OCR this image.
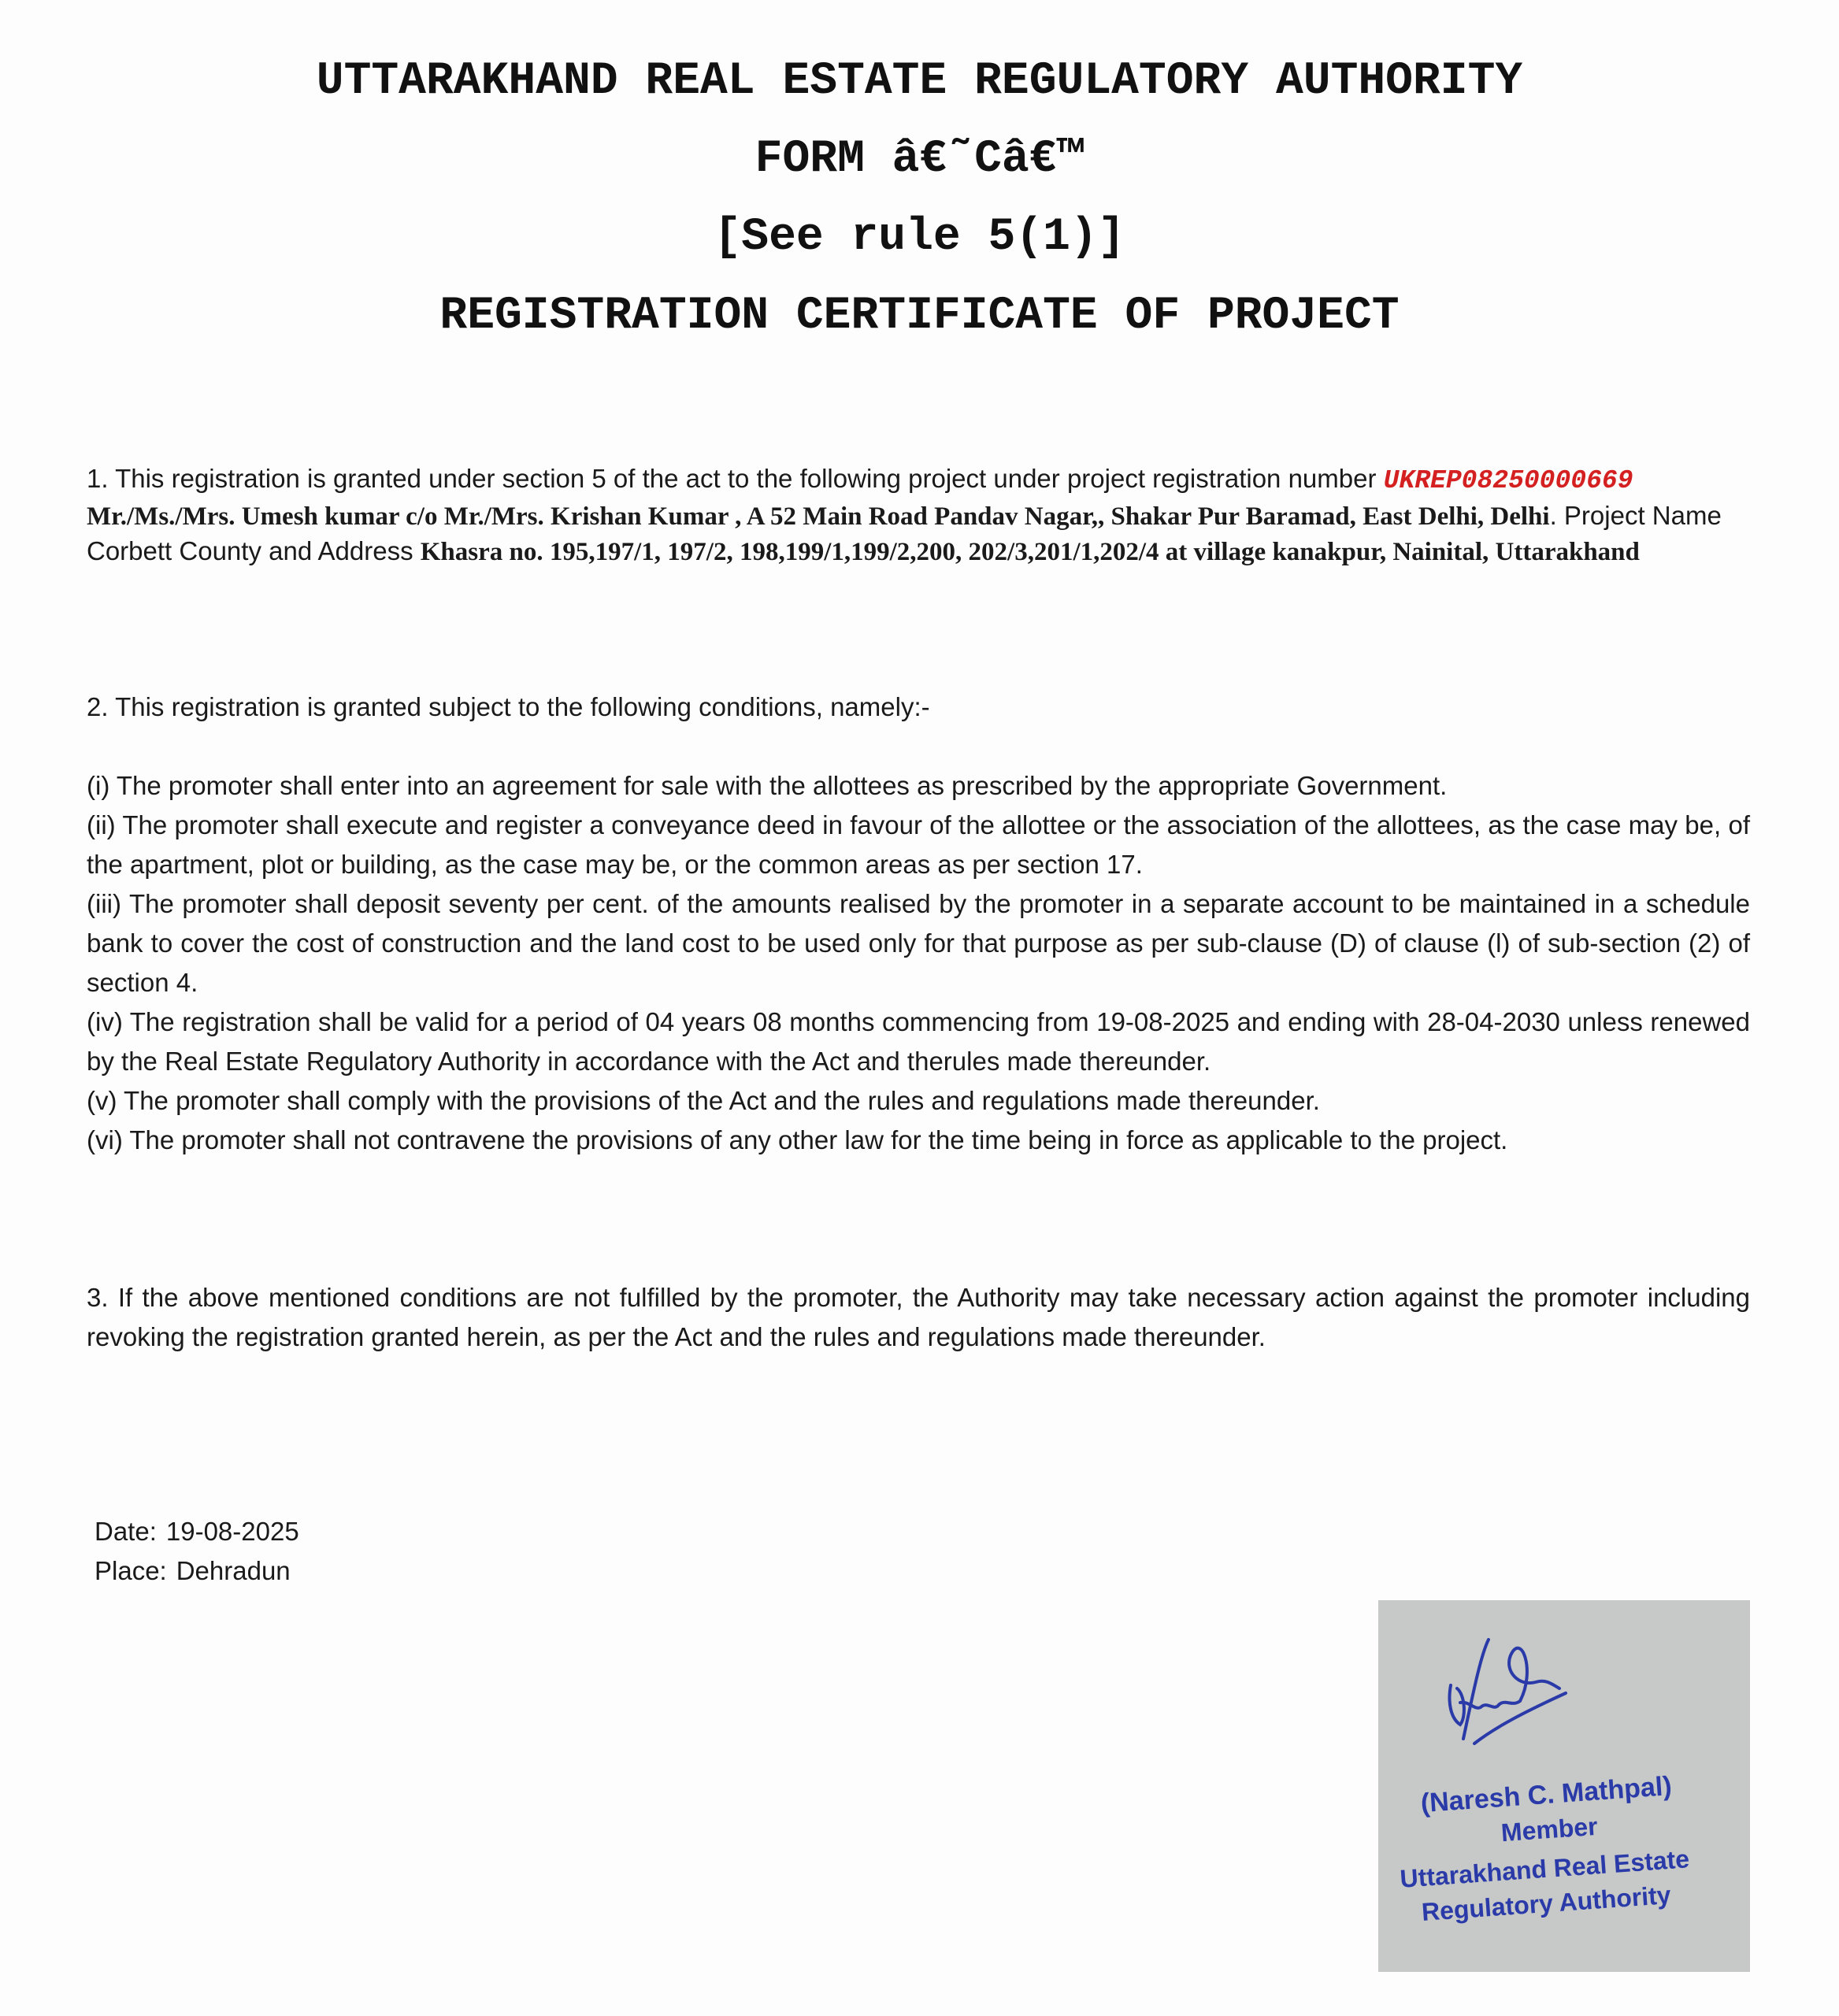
UTTARAKHAND REAL ESTATE REGULATORY AUTHORITY
FORM â€˜Câ€™
[See rule 5(1)]
REGISTRATION CERTIFICATE OF PROJECT

1. This registration is granted under section 5 of the act to the following project under project registration number UKREP08250000669
Mr./Ms./Mrs. Umesh kumar c/o Mr./Mrs. Krishan Kumar , A 52 Main Road Pandav Nagar,, Shakar Pur Baramad, East Delhi, Delhi. Project Name Corbett County and Address Khasra no. 195,197/1, 197/2, 198,199/1,199/2,200, 202/3,201/1,202/4 at village kanakpur, Nainital, Uttarakhand

2. This registration is granted subject to the following conditions, namely:-

(i) The promoter shall enter into an agreement for sale with the allottees as prescribed by the appropriate Government.
(ii) The promoter shall execute and register a conveyance deed in favour of the allottee or the association of the allottees, as the case may be, of the apartment, plot or building, as the case may be, or the common areas as per section 17.
(iii) The promoter shall deposit seventy per cent. of the amounts realised by the promoter in a separate account to be maintained in a schedule bank to cover the cost of construction and the land cost to be used only for that purpose as per sub-clause (D) of clause (l) of sub-section (2) of section 4.
(iv) The registration shall be valid for a period of 04 years 08 months commencing from 19-08-2025 and ending with 28-04-2030 unless renewed by the Real Estate Regulatory Authority in accordance with the Act and therules made thereunder.
(v) The promoter shall comply with the provisions of the Act and the rules and regulations made thereunder.
(vi) The promoter shall not contravene the provisions of any other law for the time being in force as applicable to the project.

3. If the above mentioned conditions are not fulfilled by the promoter, the Authority may take necessary action against the promoter including revoking the registration granted herein, as per the Act and the rules and regulations made thereunder.

Date: 19-08-2025
Place: Dehradun
(Naresh C. Mathpal)
Member
Uttarakhand Real Estate
Regulatory Authority
